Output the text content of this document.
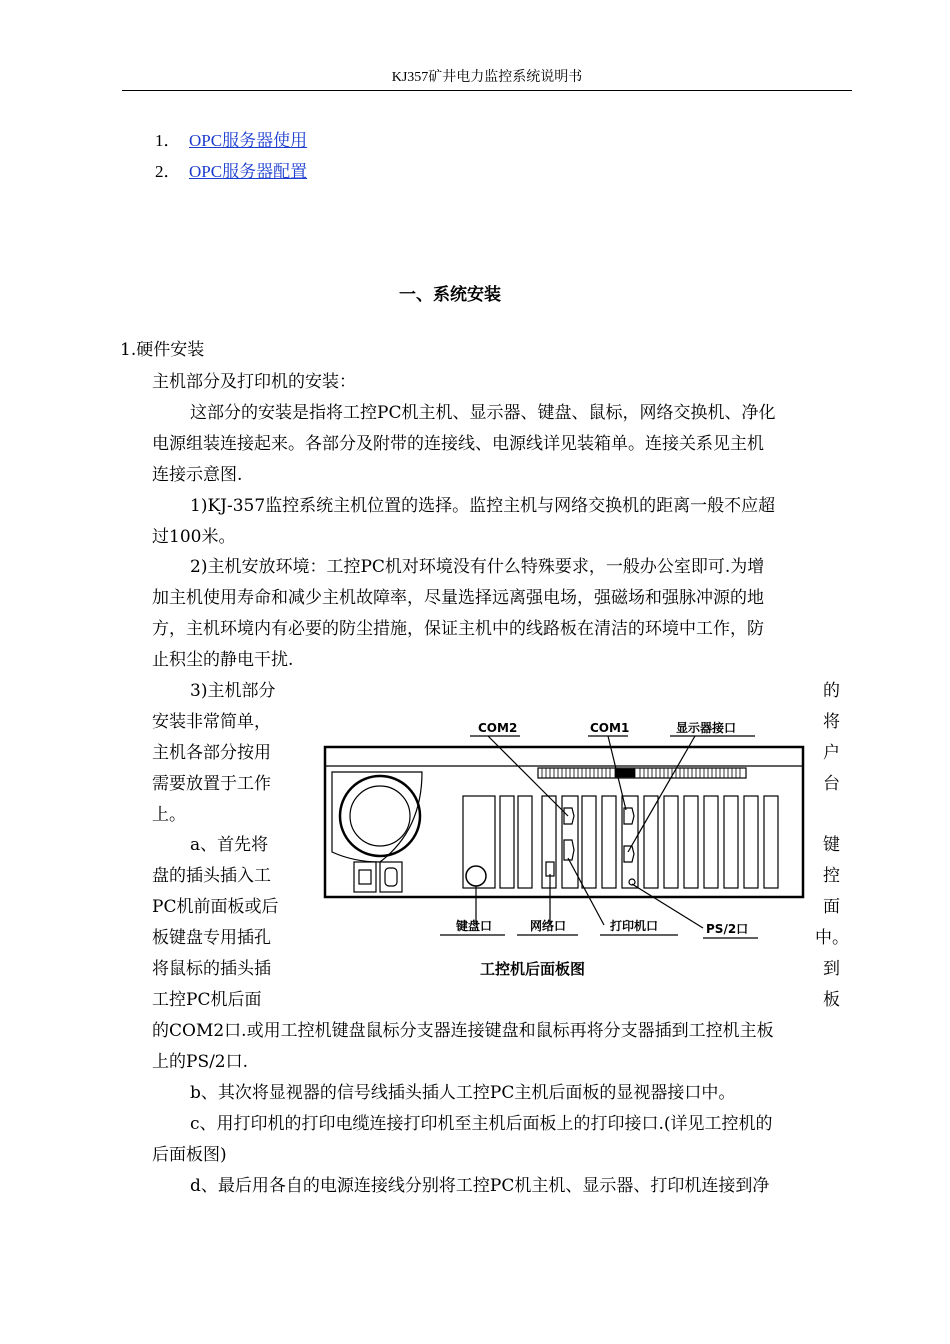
KJ357矿井电力监控系统说明书
1． OPC服务器使用
2． OPC服务器配置
一、系统安装
1.硬件安装
主机部分及打印机的安装：
这部分的安装是指将工控PC机主机、显示器、键盘、鼠标，网络交换机、净化
电源组装连接起来。各部分及附带的连接线、电源线详见装箱单。连接关系见主机
连接示意图.
1)KJ-357监控系统主机位置的选择。监控主机与网络交换机的距离一般不应超
过100米。
2)主机安放环境：工控PC机对环境没有什么特殊要求，一般办公室即可.为增
加主机使用寿命和减少主机故障率，尽量选择远离强电场，强磁场和强脉冲源的地
方，主机环境内有必要的防尘措施，保证主机中的线路板在清洁的环境中工作，防
止积尘的静电干扰.
3)主机部分	的
安装非常简单，	将
主机各部分按用	户
需要放置于工作	台
上。
a、首先将	键
盘的插头插入工	控
PC机前面板或后	面
板键盘专用插孔	中。
将鼠标的插头插	到
工控PC机后面	板
的COM2口.或用工控机键盘鼠标分支器连接键盘和鼠标再将分支器插到工控机主板
上的PS/2口.
b、其次将显视器的信号线插头插人工控PC主机后面板的显视器接口中。
c、用打印机的打印电缆连接打印机至主机后面板上的打印接口.(详见工控机的
后面板图)
d、最后用各自的电源连接线分别将工控PC机主机、显示器、打印机连接到净
COM2	COM1	显示器接口
键盘口	网络口	打印机口	PS/2口
工控机后面板图
